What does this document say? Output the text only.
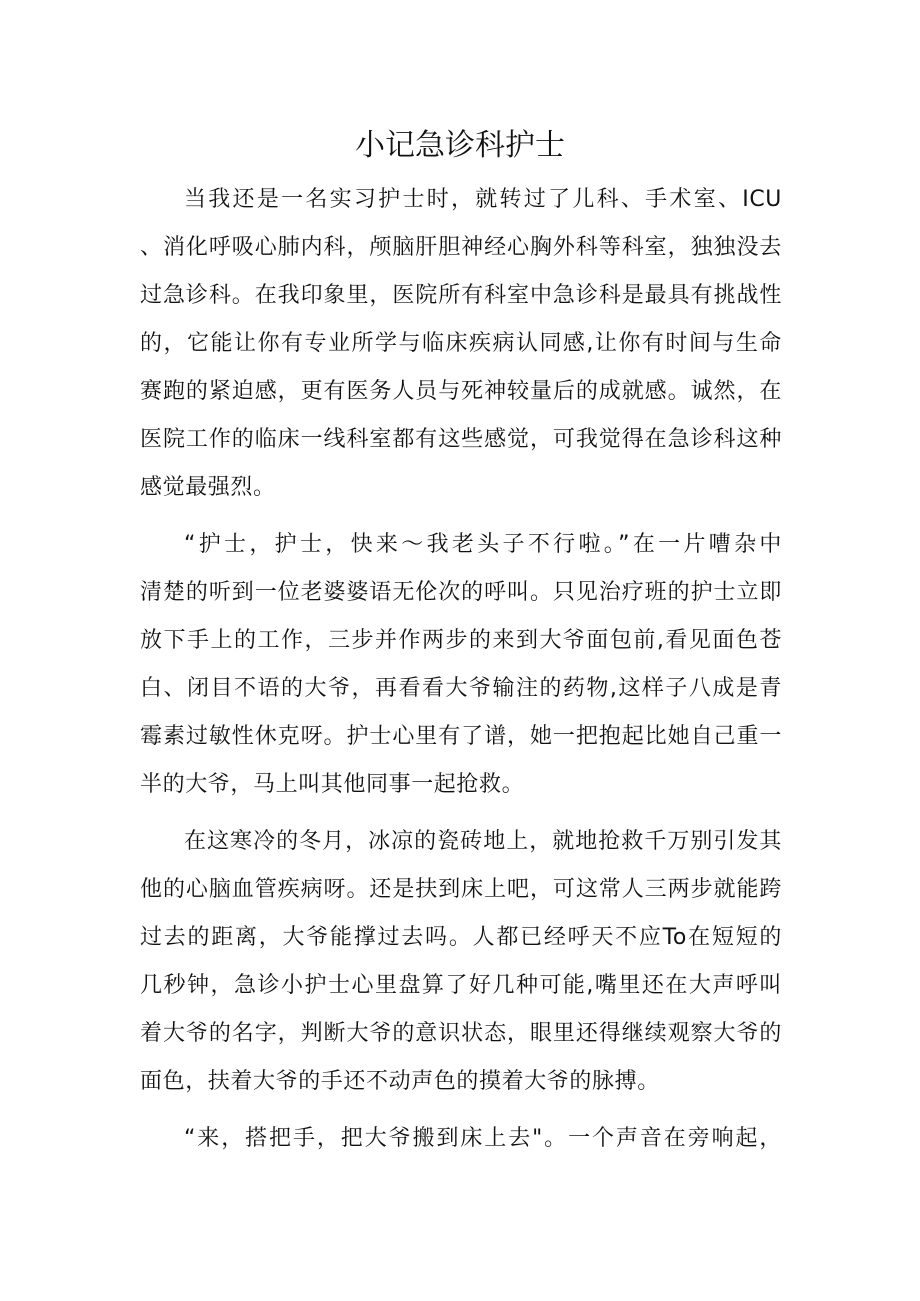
小记急诊科护士
当我还是一名实习护士时，就转过了儿科、手术室、ICU
、消化呼吸心肺内科，颅脑肝胆神经心胸外科等科室，独独没去
过急诊科。在我印象里，医院所有科室中急诊科是最具有挑战性
的，它能让你有专业所学与临床疾病认同感,让你有时间与生命
赛跑的紧迫感，更有医务人员与死神较量后的成就感。诚然，在
医院工作的临床一线科室都有这些感觉，可我觉得在急诊科这种
感觉最强烈。
“护士，护士，快来～我老头子不行啦。”在一片嘈杂中
清楚的听到一位老婆婆语无伦次的呼叫。只见治疗班的护士立即
放下手上的工作，三步并作两步的来到大爷面包前,看见面色苍
白、闭目不语的大爷，再看看大爷输注的药物,这样子八成是青
霉素过敏性休克呀。护士心里有了谱，她一把抱起比她自己重一
半的大爷，马上叫其他同事一起抢救。
在这寒冷的冬月，冰凉的瓷砖地上，就地抢救千万别引发其
他的心脑血管疾病呀。还是扶到床上吧，可这常人三两步就能跨
过去的距离，大爷能撑过去吗。人都已经呼天不应To在短短的
几秒钟，急诊小护士心里盘算了好几种可能,嘴里还在大声呼叫
着大爷的名字，判断大爷的意识状态，眼里还得继续观察大爷的
面色，扶着大爷的手还不动声色的摸着大爷的脉搏。
“来，搭把手，把大爷搬到床上去"。一个声音在旁响起，
